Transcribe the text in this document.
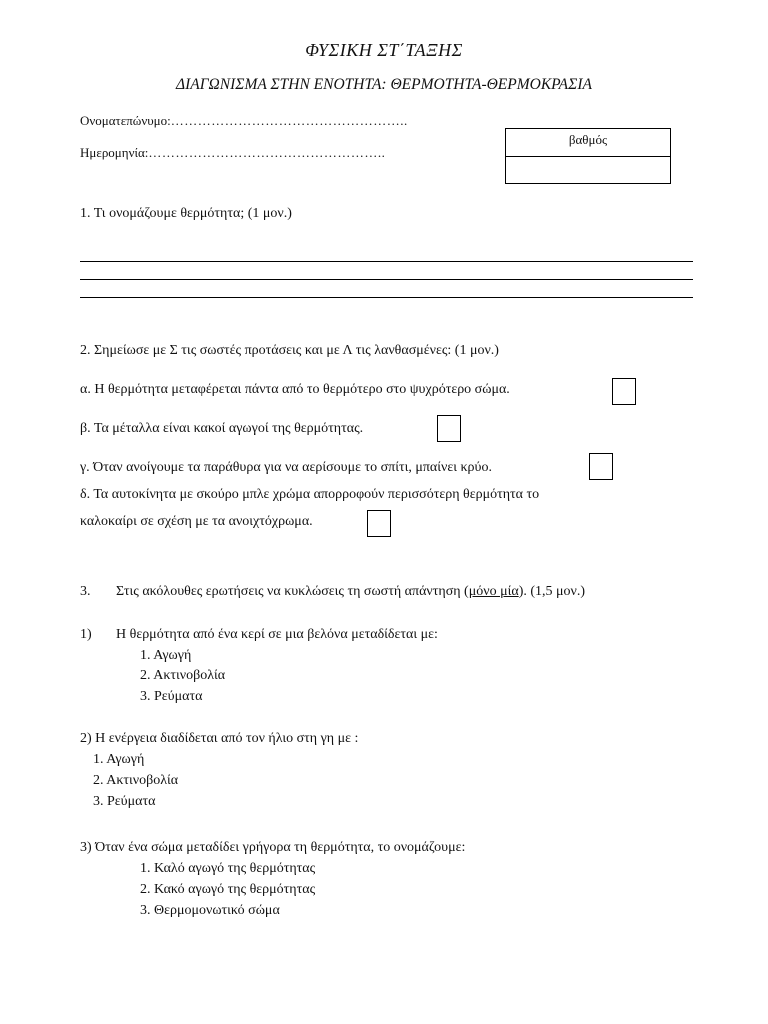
ΦΥΣΙΚΗ ΣΤ΄ΤΑΞΗΣ
ΔΙΑΓΩΝΙΣΜΑ ΣΤΗΝ ΕΝΟΤΗΤΑ: ΘΕΡΜΟΤΗΤΑ-ΘΕΡΜΟΚΡΑΣΙΑ
Ονοματεπώνυμο:……………………………………………..
Ημερομηνία:……………………………………………..
βαθμός
1. Τι ονομάζουμε θερμότητα; (1 μον.)
2. Σημείωσε με Σ τις σωστές προτάσεις και με Λ τις λανθασμένες: (1 μον.)
α. Η θερμότητα μεταφέρεται πάντα από το θερμότερο στο ψυχρότερο σώμα.
β. Τα μέταλλα είναι κακοί αγωγοί της θερμότητας.
γ. Όταν ανοίγουμε τα παράθυρα για να αερίσουμε το σπίτι, μπαίνει κρύο.
δ. Τα αυτοκίνητα με σκούρο μπλε χρώμα απορροφούν περισσότερη θερμότητα το
καλοκαίρι σε σχέση με τα ανοιχτόχρωμα.
3. Στις ακόλουθες ερωτήσεις να κυκλώσεις τη σωστή απάντηση (μόνο μία). (1,5 μον.)
1) Η θερμότητα από ένα κερί σε μια βελόνα μεταδίδεται με:
1. Αγωγή
2. Ακτινοβολία
3. Ρεύματα
2) Η ενέργεια διαδίδεται από τον ήλιο στη γη με :
1. Αγωγή
2. Ακτινοβολία
3. Ρεύματα
3) Όταν ένα σώμα μεταδίδει γρήγορα τη θερμότητα, το ονομάζουμε:
1. Καλό αγωγό της θερμότητας
2. Κακό αγωγό της θερμότητας
3. Θερμομονωτικό σώμα
